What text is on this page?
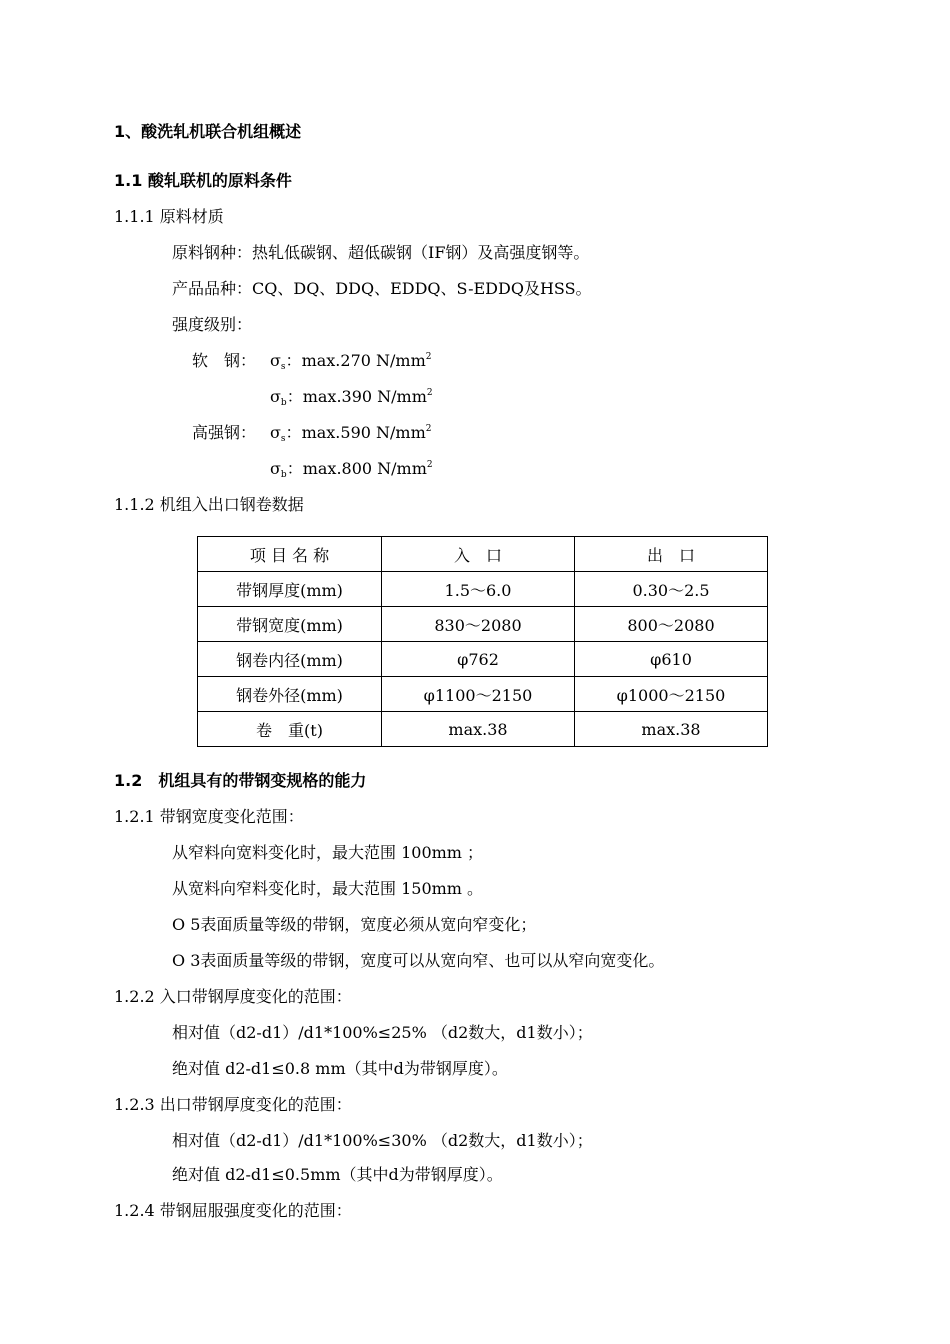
1、酸洗轧机联合机组概述
1.1 酸轧联机的原料条件
1.1.1 原料材质
原料钢种：热轧低碳钢、超低碳钢（IF钢）及高强度钢等。
产品品种：CQ、DQ、DDQ、EDDQ、S-EDDQ及HSS。
强度级别：
软　钢： σs：max.270 $N/mm^2$
σb：max.390 $N/mm^2$
高强钢： σs：max.590 $N/mm^2$
σb：max.800 $N/mm^2$
1.1.2 机组入出口钢卷数据
项 目 名 称	入　口	出　口
带钢厚度(mm)	1.5～6.0	0.30～2.5
带钢宽度(mm)	830～2080	800～2080
钢卷内径(mm)	φ762	φ610
钢卷外径(mm)	φ1100～2150	φ1000～2150
卷　重(t)	max.38	max.38
1.2　机组具有的带钢变规格的能力
1.2.1 带钢宽度变化范围：
从窄料向宽料变化时，最大范围 100mm ；
从宽料向窄料变化时，最大范围 150mm 。
O 5表面质量等级的带钢，宽度必须从宽向窄变化；
O 3表面质量等级的带钢，宽度可以从宽向窄、也可以从窄向宽变化。
1.2.2 入口带钢厚度变化的范围：
相对值（d2-d1）/d1*100%≤25% （d2数大，d1数小）；
绝对值 d2-d1≤0.8 mm（其中d为带钢厚度）。
1.2.3 出口带钢厚度变化的范围：
相对值（d2-d1）/d1*100%≤30% （d2数大，d1数小）；
绝对值 d2-d1≤0.5mm（其中d为带钢厚度）。
1.2.4 带钢屈服强度变化的范围：
